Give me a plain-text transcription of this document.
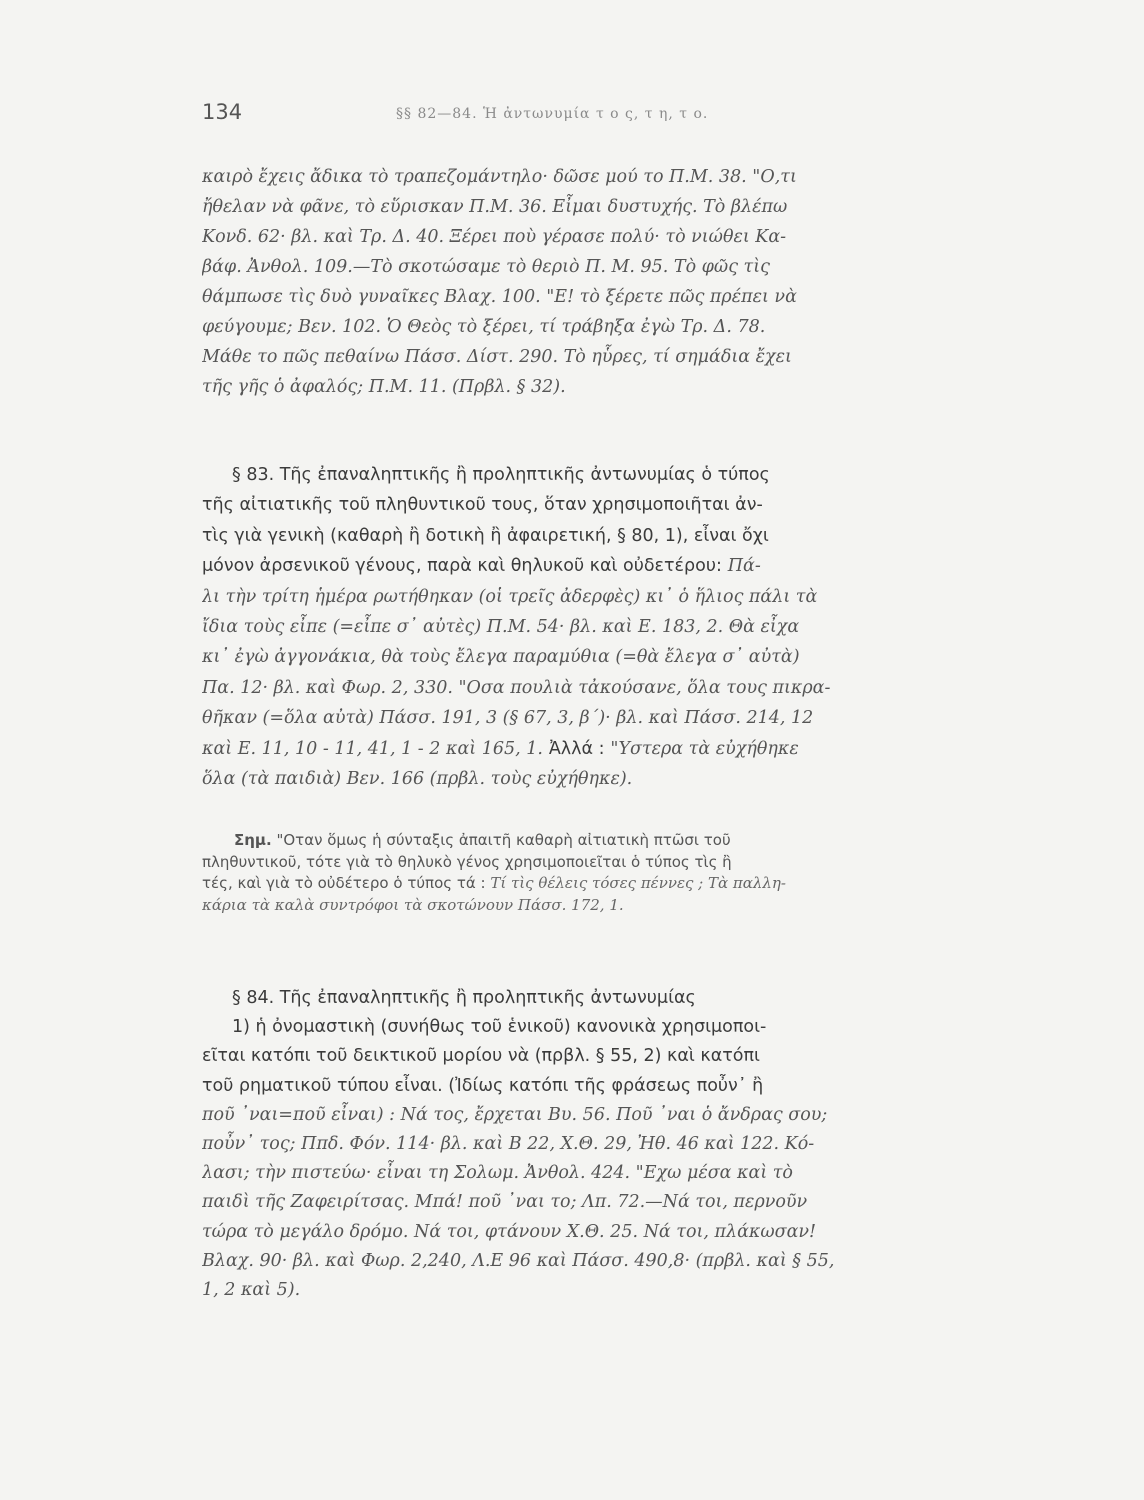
134	§§ 82—84. Ἡ ἀντωνυμία τ ο ς, τ η, τ ο.
καιρὸ ἔχεις ἄδικα τὸ τραπεζομάντηλο· δῶσε μού το Π.Μ. 38. "Ο,τι
ἤθελαν νὰ φᾶνε, τὸ εὕρισκαν Π.Μ. 36. Εἶμαι δυστυχής. Τὸ βλέπω
Κονδ. 62· βλ. καὶ Τρ. Δ. 40. Ξέρει ποὺ γέρασε πολύ· τὸ νιώθει Κα-
βάφ. Ἀνθολ. 109.—Τὸ σκοτώσαμε τὸ θεριὸ Π. Μ. 95. Τὸ φῶς τὶς
θάμπωσε τὶς δυὸ γυναῖκες Βλαχ. 100. "Ε! τὸ ξέρετε πῶς πρέπει νὰ
φεύγουμε; Βεν. 102. Ὁ Θεὸς τὸ ξέρει, τί τράβηξα ἐγὼ Τρ. Δ. 78.
Μάθε το πῶς πεθαίνω Πάσσ. Δίστ. 290. Τὸ ηὗρες, τί σημάδια ἔχει
τῆς γῆς ὁ ἀφαλός; Π.Μ. 11. (Πρβλ. § 32).
§ 83. Τῆς ἐπαναληπτικῆς ἢ προληπτικῆς ἀντωνυμίας ὁ τύπος
τῆς αἰτιατικῆς τοῦ πληθυντικοῦ τους, ὅταν χρησιμοποιῆται ἀν-
τὶς γιὰ γενικὴ (καθαρὴ ἢ δοτικὴ ἢ ἀφαιρετική, § 80, 1), εἶναι ὄχι
μόνον ἀρσενικοῦ γένους, παρὰ καὶ θηλυκοῦ καὶ οὐδετέρου: Πά-
λι τὴν τρίτη ἡμέρα ρωτήθηκαν (οἱ τρεῖς ἀδερφὲς) κι᾿ ὁ ἥλιος πάλι τὰ
ἴδια τοὺς εἶπε (=εἶπε σ᾿ αὐτὲς) Π.Μ. 54· βλ. καὶ Ε. 183, 2. Θὰ εἶχα
κι᾿ ἐγὼ ἀγγονάκια, θὰ τοὺς ἔλεγα παραμύθια (=θὰ ἔλεγα σ᾿ αὐτὰ)
Πα. 12· βλ. καὶ Φωρ. 2, 330. "Οσα πουλιὰ τἀκούσανε, ὅλα τους πικρα-
θῆκαν (=ὅλα αὐτὰ) Πάσσ. 191, 3 (§ 67, 3, β΄)· βλ. καὶ Πάσσ. 214, 12
καὶ Ε. 11, 10 - 11, 41, 1 - 2 καὶ 165, 1. Ἀλλά : "Υστερα τὰ εὐχήθηκε
ὅλα (τὰ παιδιὰ) Βεν. 166 (πρβλ. τοὺς εὐχήθηκε).
Σημ. "Οταν ὅμως ἡ σύνταξις ἀπαιτῆ καθαρὴ αἰτιατικὴ πτῶσι τοῦ
πληθυντικοῦ, τότε γιὰ τὸ θηλυκὸ γένος χρησιμοποιεῖται ὁ τύπος τὶς ἢ
τές, καὶ γιὰ τὸ οὐδέτερο ὁ τύπος τά : Τί τὶς θέλεις τόσες πέννες ; Τὰ παλλη-
κάρια τὰ καλὰ συντρόφοι τὰ σκοτώνουν Πάσσ. 172, 1.
§ 84. Τῆς ἐπαναληπτικῆς ἢ προληπτικῆς ἀντωνυμίας
1) ἡ ὀνομαστικὴ (συνήθως τοῦ ἑνικοῦ) κανονικὰ χρησιμοποι-
εῖται κατόπι τοῦ δεικτικοῦ μορίου νὰ (πρβλ. § 55, 2) καὶ κατόπι
τοῦ ρηματικοῦ τύπου εἶναι. (Ἰδίως κατόπι τῆς φράσεως ποὖν᾿ ἢ
ποῦ ᾿ναι=ποῦ εἶναι) : Νά τος, ἔρχεται Βυ. 56. Ποῦ ᾿ναι ὁ ἄνδρας σου;
ποὖν᾿ τος; Ππδ. Φόν. 114· βλ. καὶ Β 22, Χ.Θ. 29, Ἠθ. 46 καὶ 122. Κό-
λασι; τὴν πιστεύω· εἶναι τη Σολωμ. Ἀνθολ. 424. "Εχω μέσα καὶ τὸ
παιδὶ τῆς Ζαφειρίτσας. Μπά! ποῦ ᾿ναι το; Λπ. 72.—Νά τοι, περνοῦν
τώρα τὸ μεγάλο δρόμο. Νά τοι, φτάνουν Χ.Θ. 25. Νά τοι, πλάκωσαν!
Βλαχ. 90· βλ. καὶ Φωρ. 2,240, Λ.Ε 96 καὶ Πάσσ. 490,8· (πρβλ. καὶ § 55,
1, 2 καὶ 5).
